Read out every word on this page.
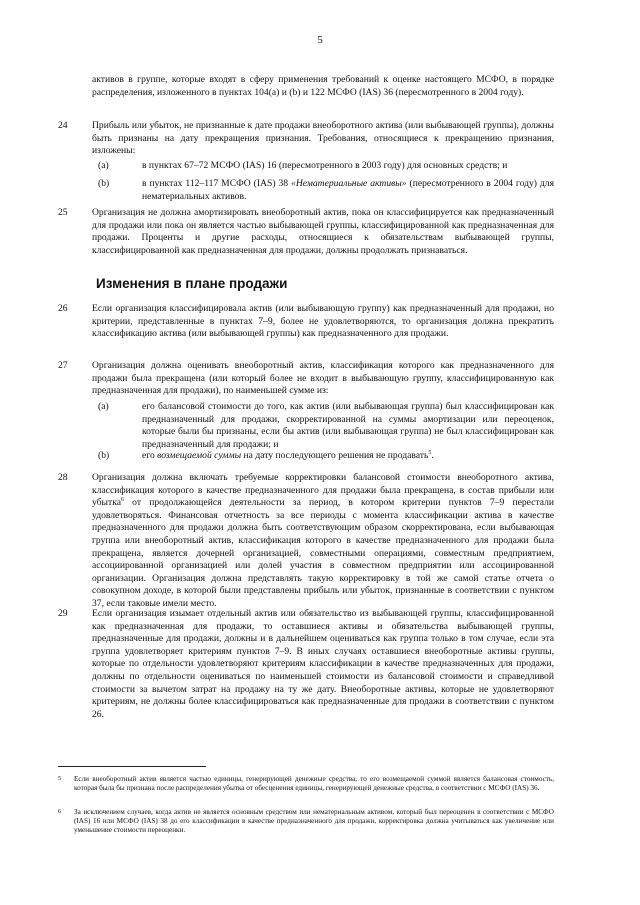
5
активов в группе, которые входят в сферу применения требований к оценке настоящего МСФО, в порядке распределения, изложенного в пунктах 104(a) и (b) и 122 МСФО (IAS) 36 (пересмотренного в 2004 году).
24	Прибыль или убыток, не признанные к дате продажи внеоборотного актива (или выбывающей группы), должны быть признаны на дату прекращения признания. Требования, относящиеся к прекращению признания, изложены:
(a)	в пунктах 67–72 МСФО (IAS) 16 (пересмотренного в 2003 году) для основных средств; и
(b)	в пунктах 112–117 МСФО (IAS) 38 «Нематериальные активы» (пересмотренного в 2004 году) для нематериальных активов.
25	Организация не должна амортизировать внеоборотный актив, пока он классифицируется как предназначенный для продажи или пока он является частью выбывающей группы, классифицированной как предназначенная для продажи. Проценты и другие расходы, относящиеся к обязательствам выбывающей группы, классифицированной как предназначенная для продажи, должны продолжать признаваться.
Изменения в плане продажи
26	Если организация классифицировала актив (или выбывающую группу) как предназначенный для продажи, но критерии, представленные в пунктах 7–9, более не удовлетворяются, то организация должна прекратить классификацию актива (или выбывающей группы) как предназначенного для продажи.
27	Организация должна оценивать внеоборотный актив, классификация которого как предназначенного для продажи была прекращена (или который более не входит в выбывающую группу, классифицированную как предназначенная для продажи), по наименьшей сумме из:
(a)	его балансовой стоимости до того, как актив (или выбывающая группа) был классифицирован как предназначенный для продажи, скорректированной на суммы амортизации или переоценок, которые были бы признаны, если бы актив (или выбывающая группа) не был классифицирован как предназначенный для продажи; и
(b)	его возмещаемой суммы на дату последующего решения не продавать$^5$.
28	Организация должна включать требуемые корректировки балансовой стоимости внеоборотного актива, классификация которого в качестве предназначенного для продажи была прекращена, в состав прибыли или убытка$^6$ от продолжающейся деятельности за период, в котором критерии пунктов 7–9 перестали удовлетворяться. Финансовая отчетность за все периоды с момента классификации актива в качестве предназначенного для продажи должна быть соответствующим образом скорректирована, если выбывающая группа или внеоборотный актив, классификация которого в качестве предназначенного для продажи была прекращена, является дочерней организацией, совместными операциями, совместным предприятием, ассоциированной организацией или долей участия в совместном предприятии или ассоциированной организации. Организация должна представлять такую корректировку в той же самой статье отчета о совокупном доходе, в которой были представлены прибыль или убыток, признанные в соответствии с пунктом 37, если таковые имели место.
29	Если организация изымает отдельный актив или обязательство из выбывающей группы, классифицированной как предназначенная для продажи, то оставшиеся активы и обязательства выбывающей группы, предназначенные для продажи, должны и в дальнейшем оцениваться как группа только в том случае, если эта группа удовлетворяет критериям пунктов 7–9. В иных случаях оставшиеся внеоборотные активы группы, которые по отдельности удовлетворяют критериям классификации в качестве предназначенных для продажи, должны по отдельности оцениваться по наименьшей стоимости из балансовой стоимости и справедливой стоимости за вычетом затрат на продажу на ту же дату. Внеоборотные активы, которые не удовлетворяют критериям, не должны более классифицироваться как предназначенные для продажи в соответствии с пунктом 26.
5 Если внеоборотный актив является частью единицы, генерирующей денежные средства, то его возмещаемой суммой является балансовая стоимость, которая была бы признана после распределения убытка от обесценения единицы, генерирующей денежные средства, в соответствии с МСФО (IAS) 36.
6 За исключением случаев, когда актив не является основным средством или нематериальным активом, который был переоценен в соответствии с МСФО (IAS) 16 или МСФО (IAS) 38 до его классификации в качестве предназначенного для продажи, корректировка должна учитываться как увеличение или уменьшение стоимости переоценки.
